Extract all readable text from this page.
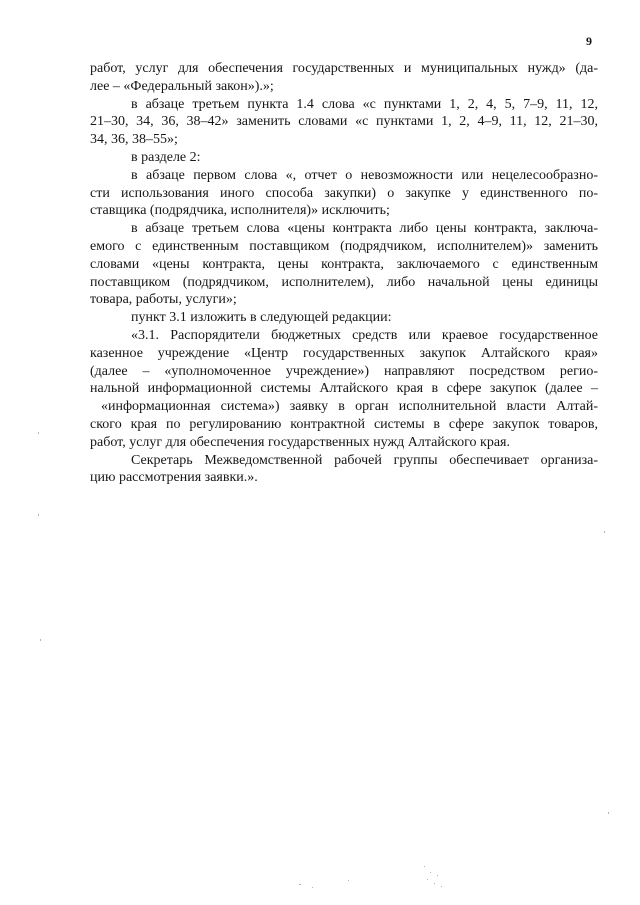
9
работ, услуг для обеспечения государственных и муниципальных нужд» (да-
лее – «Федеральный закон»).»;
в абзаце третьем пункта 1.4 слова «с пунктами 1, 2, 4, 5, 7–9, 11, 12,
21–30, 34, 36, 38–42» заменить словами «с пунктами 1, 2, 4–9, 11, 12, 21–30,
34, 36, 38–55»;
в разделе 2:
в абзаце первом слова «, отчет о невозможности или нецелесообразно-
сти использования иного способа закупки) о закупке у единственного по-
ставщика (подрядчика, исполнителя)» исключить;
в абзаце третьем слова «цены контракта либо цены контракта, заключа-
емого с единственным поставщиком (подрядчиком, исполнителем)» заменить
словами «цены контракта, цены контракта, заключаемого с единственным
поставщиком (подрядчиком, исполнителем), либо начальной цены единицы
товара, работы, услуги»;
пункт 3.1 изложить в следующей редакции:
«3.1. Распорядители бюджетных средств или краевое государственное
казенное учреждение «Центр государственных закупок Алтайского края»
(далее – «уполномоченное учреждение») направляют посредством регио-
нальной информационной системы Алтайского края в сфере закупок (далее –
«информационная система») заявку в орган исполнительной власти Алтай-
ского края по регулированию контрактной системы в сфере закупок товаров,
работ, услуг для обеспечения государственных нужд Алтайского края.
Секретарь Межведомственной рабочей группы обеспечивает организа-
цию рассмотрения заявки.».
